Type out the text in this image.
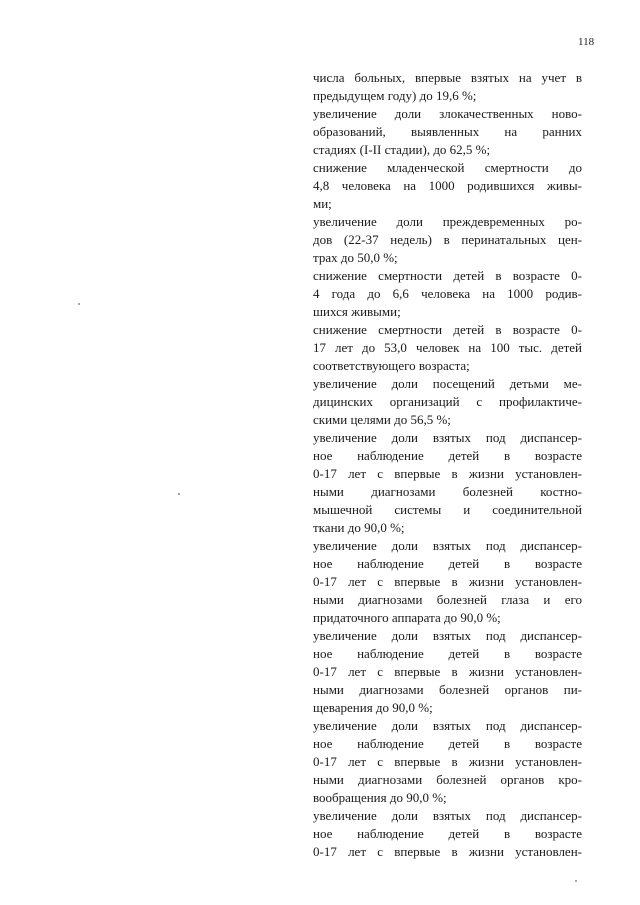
118
числа больных, впервые взятых на учет в
предыдущем году) до 19,6 %;
увеличение доли злокачественных ново-
образований, выявленных на ранних
стадиях (I-II стадии), до 62,5 %;
снижение младенческой смертности до
4,8 человека на 1000 родившихся живы-
ми;
увеличение доли преждевременных ро-
дов (22-37 недель) в перинатальных цен-
трах до 50,0 %;
снижение смертности детей в возрасте 0-
4 года до 6,6 человека на 1000 родив-
шихся живыми;
снижение смертности детей в возрасте 0-
17 лет до 53,0 человек на 100 тыс. детей
соответствующего возраста;
увеличение доли посещений детьми ме-
дицинских организаций с профилактиче-
скими целями до 56,5 %;
увеличение доли взятых под диспансер-
ное наблюдение детей в возрасте
0-17 лет с впервые в жизни установлен-
ными диагнозами болезней костно-
мышечной системы и соединительной
ткани до 90,0 %;
увеличение доли взятых под диспансер-
ное наблюдение детей в возрасте
0-17 лет с впервые в жизни установлен-
ными диагнозами болезней глаза и его
придаточного аппарата до 90,0 %;
увеличение доли взятых под диспансер-
ное наблюдение детей в возрасте
0-17 лет с впервые в жизни установлен-
ными диагнозами болезней органов пи-
щеварения до 90,0 %;
увеличение доли взятых под диспансер-
ное наблюдение детей в возрасте
0-17 лет с впервые в жизни установлен-
ными диагнозами болезней органов кро-
вообращения до 90,0 %;
увеличение доли взятых под диспансер-
ное наблюдение детей в возрасте
0-17 лет с впервые в жизни установлен-
